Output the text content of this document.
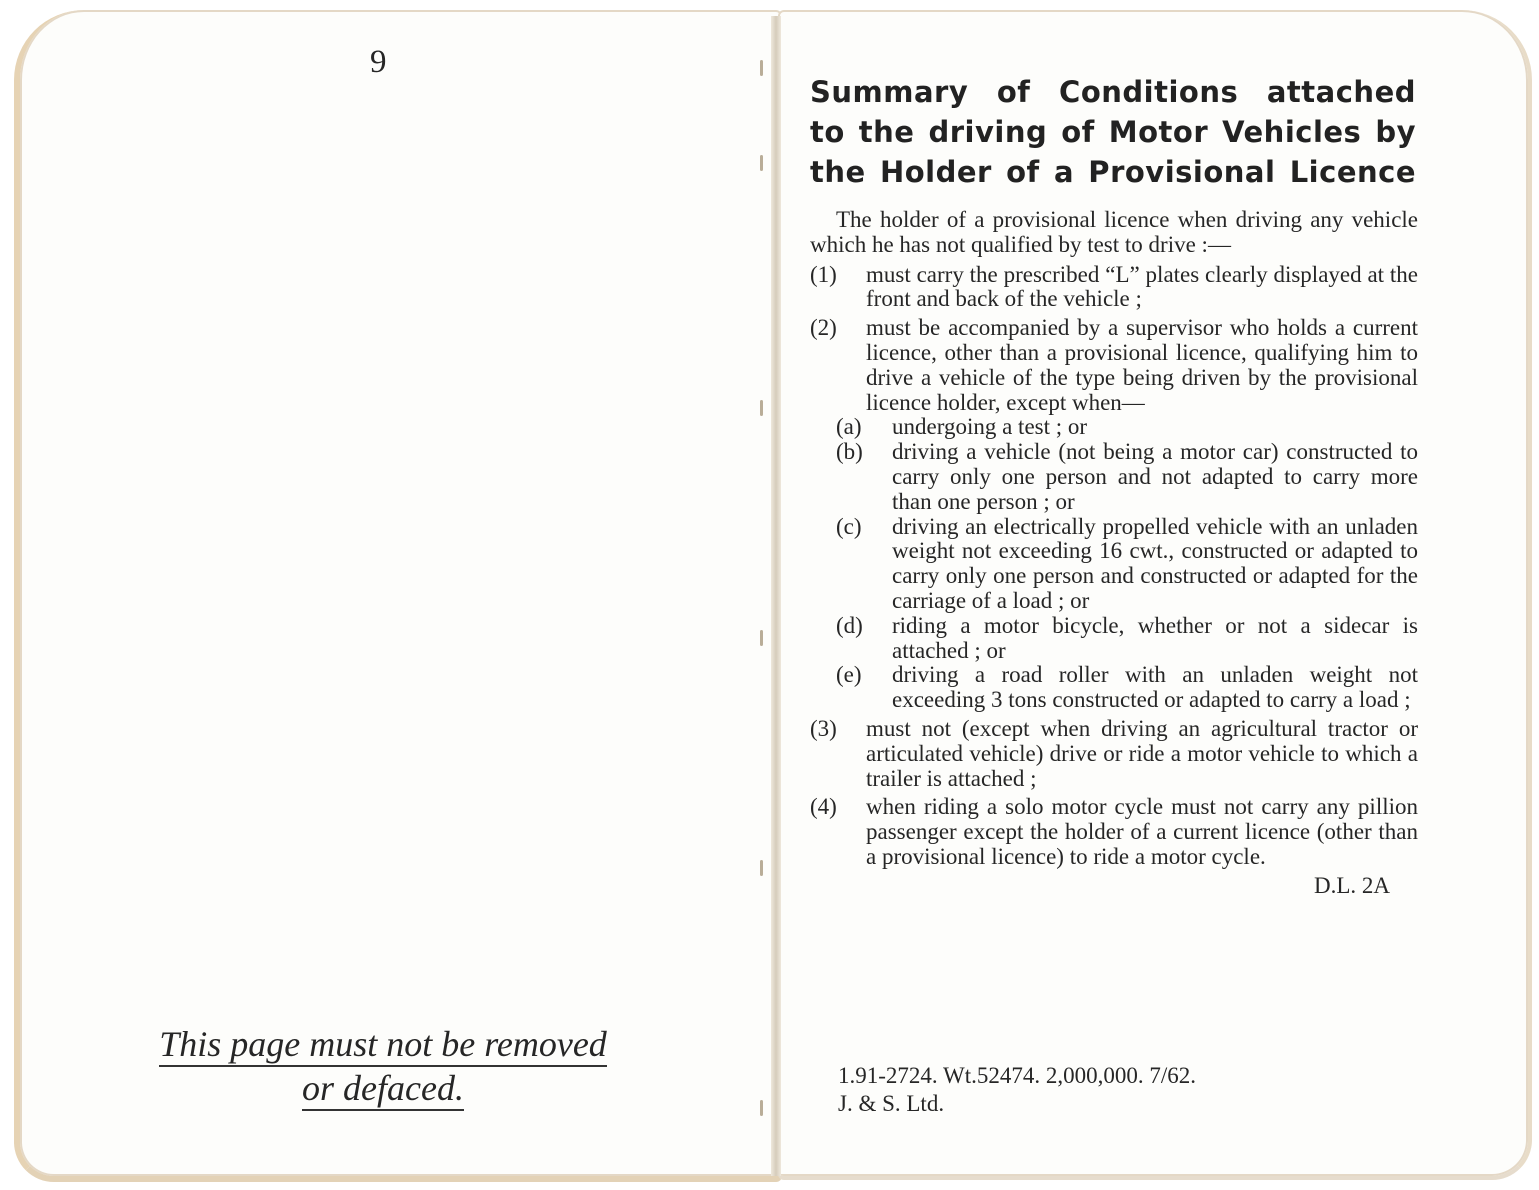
9
This page must not be removed
or defaced.
Summary of Conditions attached
to the driving of Motor Vehicles by
the Holder of a Provisional Licence

The holder of a provisional licence when driving any vehicle which he has not qualified by test to drive :—

(1)	must carry the prescribed “L” plates clearly displayed at the front and back of the vehicle ;
(2)	must be accompanied by a supervisor who holds a current licence, other than a provisional licence, qualifying him to drive a vehicle of the type being driven by the provisional licence holder, except when—
(a)	undergoing a test ; or
(b)	driving a vehicle (not being a motor car) constructed to carry only one person and not adapted to carry more than one person ; or
(c)	driving an electrically propelled vehicle with an unladen weight not exceeding 16 cwt., constructed or adapted to carry only one person and constructed or adapted for the carriage of a load ; or
(d)	riding a motor bicycle, whether or not a sidecar is attached ; or
(e)	driving a road roller with an unladen weight not exceeding 3 tons constructed or adapted to carry a load ;
(3)	must not (except when driving an agricultural tractor or articulated vehicle) drive or ride a motor vehicle to which a trailer is attached ;
(4)	when riding a solo motor cycle must not carry any pillion passenger except the holder of a current licence (other than a provisional licence) to ride a motor cycle.
D.L. 2A
1.91-2724. Wt.52474. 2,000,000. 7/62.
J. & S. Ltd.
